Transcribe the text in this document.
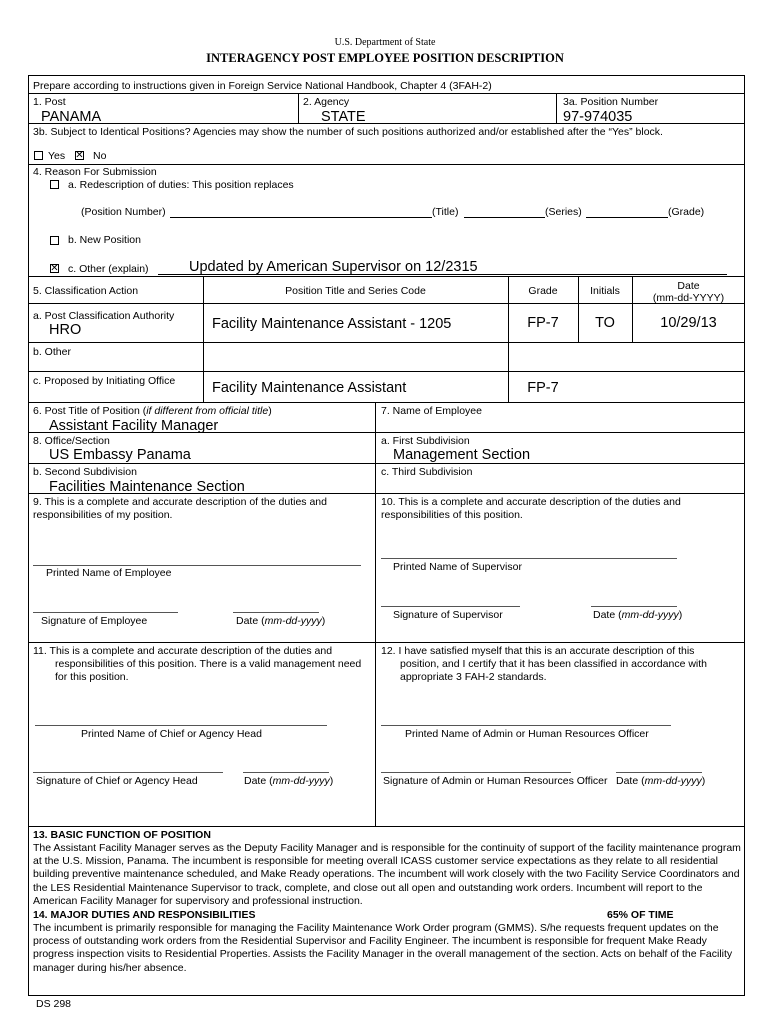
U.S. Department of State
INTERAGENCY POST EMPLOYEE POSITION DESCRIPTION
Prepare according to instructions given in Foreign Service National Handbook, Chapter 4 (3FAH-2)
1. Post
PANAMA
2. Agency
STATE
3a. Position Number
97-974035
3b. Subject to Identical Positions? Agencies may show the number of such positions authorized and/or established after the “Yes” block.
Yes ✕ No
4. Reason For Submission
a. Redescription of duties: This position replaces
(Position Number)	(Title)	(Series)	(Grade)
b. New Position
✕ c. Other (explain)	Updated by American Supervisor on 12/2315
5. Classification Action	Position Title and Series Code	Grade	Initials	Date
(mm-dd-YYYY)
a. Post Classification Authority
HRO	Facility Maintenance Assistant - 1205	FP-7	TO	10/29/13
b. Other
c. Proposed by Initiating Office	Facility Maintenance Assistant	FP-7
6. Post Title of Position (if different from official title)
Assistant Facility Manager
7. Name of Employee
8. Office/Section
US Embassy Panama
a. First Subdivision
Management Section
b. Second Subdivision
Facilities Maintenance Section
c. Third Subdivision
9. This is a complete and accurate description of the duties and responsibilities of my position.
Printed Name of Employee
Signature of Employee	Date (mm-dd-yyyy)
10. This is a complete and accurate description of the duties and responsibilities of this position.
Printed Name of Supervisor
Signature of Supervisor	Date (mm-dd-yyyy)
11. This is a complete and accurate description of the duties and responsibilities of this position. There is a valid management need for this position.
Printed Name of Chief or Agency Head
Signature of Chief or Agency Head	Date (mm-dd-yyyy)
12. I have satisfied myself that this is an accurate description of this position, and I certify that it has been classified in accordance with appropriate 3 FAH-2 standards.
Printed Name of Admin or Human Resources Officer
Signature of Admin or Human Resources Officer Date (mm-dd-yyyy)
13. BASIC FUNCTION OF POSITION
The Assistant Facility Manager serves as the Deputy Facility Manager and is responsible for the continuity of support of the facility maintenance program at the U.S. Mission, Panama. The incumbent is responsible for meeting overall ICASS customer service expectations as they relate to all residential building preventive maintenance scheduled, and Make Ready operations. The incumbent will work closely with the two Facility Service Coordinators and the LES Residential Maintenance Supervisor to track, complete, and close out all open and outstanding work orders. Incumbent will report to the American Facility Manager for supervisory and professional instruction.
14. MAJOR DUTIES AND RESPONSIBILITIES	65% OF TIME
The incumbent is primarily responsible for managing the Facility Maintenance Work Order program (GMMS). S/he requests frequent updates on the process of outstanding work orders from the Residential Supervisor and Facility Engineer. The incumbent is responsible for frequent Make Ready progress inspection visits to Residential Properties. Assists the Facility Manager in the overall management of the section. Acts on behalf of the Facility manager during his/her absence.
DS 298
